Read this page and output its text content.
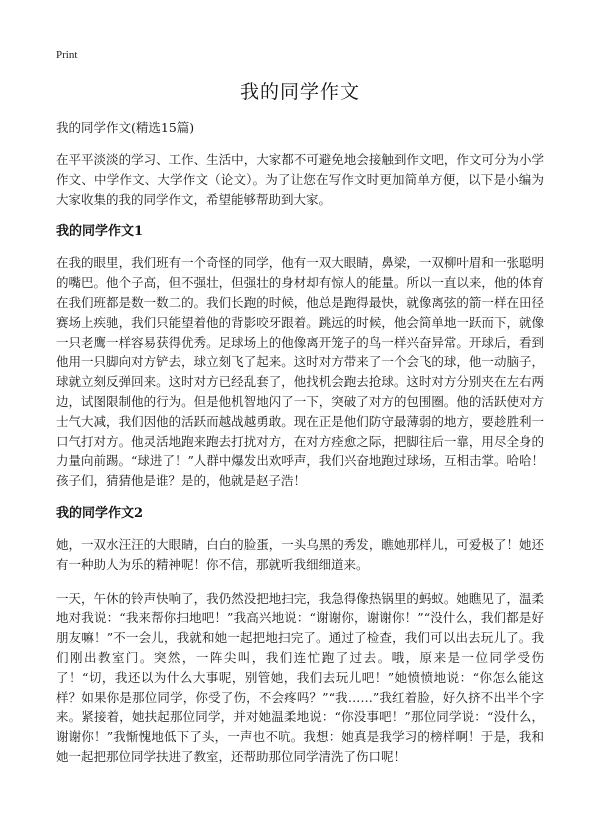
Print
我的同学作文
我的同学作文(精选15篇)

在平平淡淡的学习、工作、生活中，大家都不可避免地会接触到作文吧，作文可分为小学作文、中学作文、大学作文（论文）。为了让您在写作文时更加简单方便，以下是小编为大家收集的我的同学作文，希望能够帮助到大家。

我的同学作文1

在我的眼里，我们班有一个奇怪的同学，他有一双大眼睛，鼻梁，一双柳叶眉和一张聪明的嘴巴。他个子高，但不强壮，但强壮的身材却有惊人的能量。所以一直以来，他的体育在我们班都是数一数二的。我们长跑的时候，他总是跑得最快，就像离弦的箭一样在田径赛场上疾驰，我们只能望着他的背影咬牙跟着。跳远的时候，他会简单地一跃而下，就像一只老鹰一样容易获得优秀。足球场上的他像离开笼子的鸟一样兴奋异常。开球后，看到他用一只脚向对方铲去，球立刻飞了起来。这时对方带来了一个会飞的球，他一动脑子，球就立刻反弹回来。这时对方已经乱套了，他找机会跑去抢球。这时对方分别夹在左右两边，试图限制他的行为。但是他机智地闪了一下，突破了对方的包围圈。他的活跃使对方士气大减，我们因他的活跃而越战越勇敢。现在正是他们防守最薄弱的地方，要趁胜利一口气打对方。他灵活地跑来跑去打扰对方，在对方痊愈之际，把脚往后一靠，用尽全身的力量向前踢。“球进了！”人群中爆发出欢呼声，我们兴奋地跑过球场，互相击掌。哈哈！孩子们，猜猜他是谁？是的，他就是赵子浩！

我的同学作文2

她，一双水汪汪的大眼睛，白白的脸蛋，一头乌黑的秀发，瞧她那样儿，可爱极了！她还有一种助人为乐的精神呢！你不信，那就听我细细道来。

一天，午休的铃声快响了，我仍然没把地扫完，我急得像热锅里的蚂蚁。她瞧见了，温柔地对我说：“我来帮你扫地吧！”我高兴地说：“谢谢你，谢谢你！”“没什么，我们都是好朋友嘛！”不一会儿，我就和她一起把地扫完了。通过了检查，我们可以出去玩儿了。我们刚出教室门。突然，一阵尖叫，我们连忙跑了过去。哦，原来是一位同学受伤了！“切，我还以为什么大事呢，别管她，我们去玩儿吧！”她愤愤地说：“你怎么能这样？如果你是那位同学，你受了伤，不会疼吗？”“我……”我红着脸，好久挤不出半个字来。紧接着，她扶起那位同学，并对她温柔地说：“你没事吧！”那位同学说：“没什么，谢谢你！”我惭愧地低下了头，一声也不吭。我想：她真是我学习的榜样啊！于是，我和她一起把那位同学扶进了教室，还帮助那位同学清洗了伤口呢！
